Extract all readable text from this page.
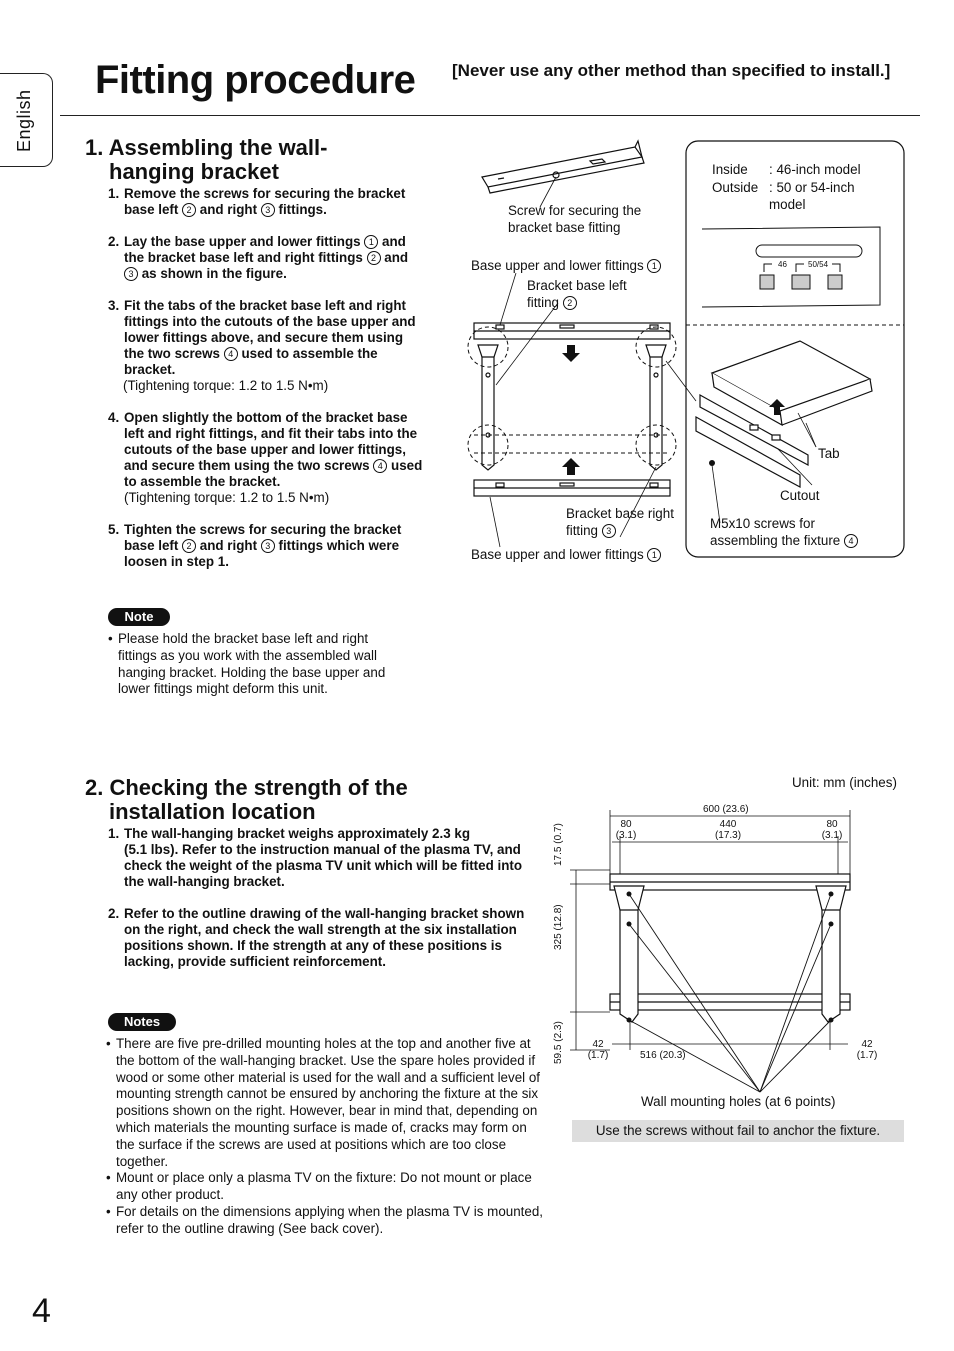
English
Fitting procedure [Never use any other method than specified to install.]
1. Assembling the wall-
hanging bracket
1. Remove the screws for securing the bracket base left 2 and right 3 fittings.
2. Lay the base upper and lower fittings 1 and the bracket base left and right fittings 2 and 3 as shown in the figure.
3. Fit the tabs of the bracket base left and right fittings into the cutouts of the base upper and lower fittings above, and secure them using the two screws 4 used to assemble the bracket.
(Tightening torque: 1.2 to 1.5 N•m)
4. Open slightly the bottom of the bracket base left and right fittings, and fit their tabs into the cutouts of the base upper and lower fittings, and secure them using the two screws 4 used to assemble the bracket.
(Tightening torque: 1.2 to 1.5 N•m)
5. Tighten the screws for securing the bracket base left 2 and right 3 fittings which were loosen in step 1.
Note
• Please hold the bracket base left and right fittings as you work with the assembled wall hanging bracket. Holding the base upper and lower fittings might deform this unit.
Screw for securing the bracket base fitting
Base upper and lower fittings 1
Bracket base left fitting 2
Bracket base right fitting 3
Base upper and lower fittings 1
Inside : 46-inch model
Outside : 50 or 54-inch model
46	50/54
Tab
Cutout
M5x10 screws for assembling the fixture 4
2. Checking the strength of the
installation location
1. The wall-hanging bracket weighs approximately 2.3 kg
(5.1 lbs). Refer to the instruction manual of the plasma TV, and check the weight of the plasma TV unit which will be fitted into the wall-hanging bracket.
2. Refer to the outline drawing of the wall-hanging bracket shown on the right, and check the wall strength at the six installation positions shown. If the strength at any of these positions is lacking, provide sufficient reinforcement.
Notes
• There are five pre-drilled mounting holes at the top and another five at the bottom of the wall-hanging bracket. Use the spare holes provided if wood or some other material is used for the wall and a sufficient level of mounting strength cannot be ensured by anchoring the fixture at the six positions shown on the right. However, bear in mind that, depending on which materials the mounting surface is made of, cracks may form on the surface if the screws are used at positions which are too close together.
• Mount or place only a plasma TV on the fixture: Do not mount or place any other product.
• For details on the dimensions applying when the plasma TV is mounted, refer to the outline drawing (See back cover).
Unit: mm (inches)
600 (23.6)
80
(3.1)
440
(17.3)
80
(3.1)
17.5 (0.7)
325 (12.8)
59.5 (2.3)	42
(1.7)	516 (20.3)
42
(1.7)
Wall mounting holes (at 6 points)
Use the screws without fail to anchor the fixture.
4
